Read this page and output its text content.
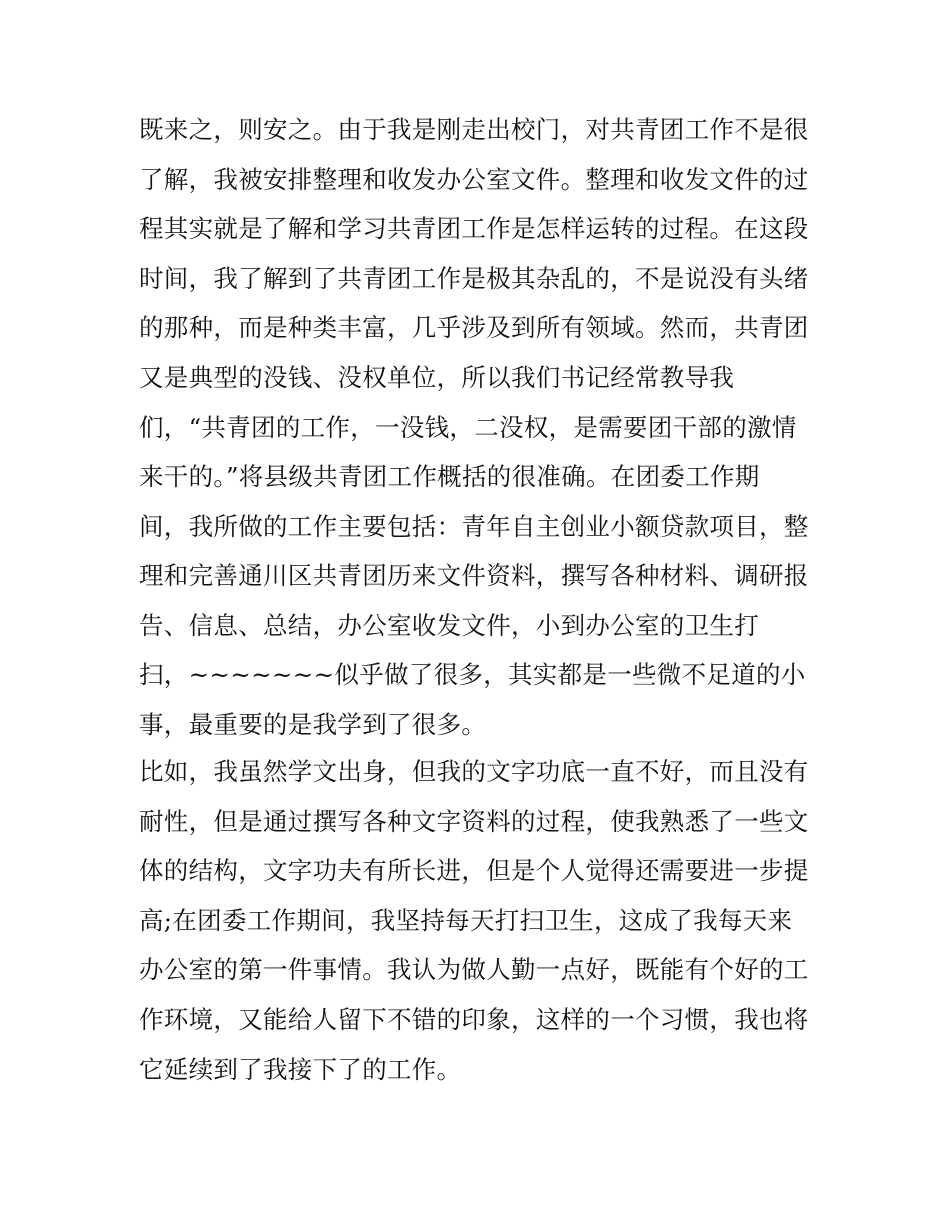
既来之，则安之。由于我是刚走出校门，对共青团工作不是很
了解，我被安排整理和收发办公室文件。整理和收发文件的过
程其实就是了解和学习共青团工作是怎样运转的过程。在这段
时间，我了解到了共青团工作是极其杂乱的，不是说没有头绪
的那种，而是种类丰富，几乎涉及到所有领域。然而，共青团
又是典型的没钱、没权单位，所以我们书记经常教导我
们，“共青团的工作，一没钱，二没权，是需要团干部的激情
来干的。”将县级共青团工作概括的很准确。在团委工作期
间，我所做的工作主要包括：青年自主创业小额贷款项目，整
理和完善通川区共青团历来文件资料，撰写各种材料、调研报
告、信息、总结，办公室收发文件，小到办公室的卫生打
扫，~~~~~~~似乎做了很多，其实都是一些微不足道的小
事，最重要的是我学到了很多。
比如，我虽然学文出身，但我的文字功底一直不好，而且没有
耐性，但是通过撰写各种文字资料的过程，使我熟悉了一些文
体的结构，文字功夫有所长进，但是个人觉得还需要进一步提
高;在团委工作期间，我坚持每天打扫卫生，这成了我每天来
办公室的第一件事情。我认为做人勤一点好，既能有个好的工
作环境，又能给人留下不错的印象，这样的一个习惯，我也将
它延续到了我接下了的工作。
